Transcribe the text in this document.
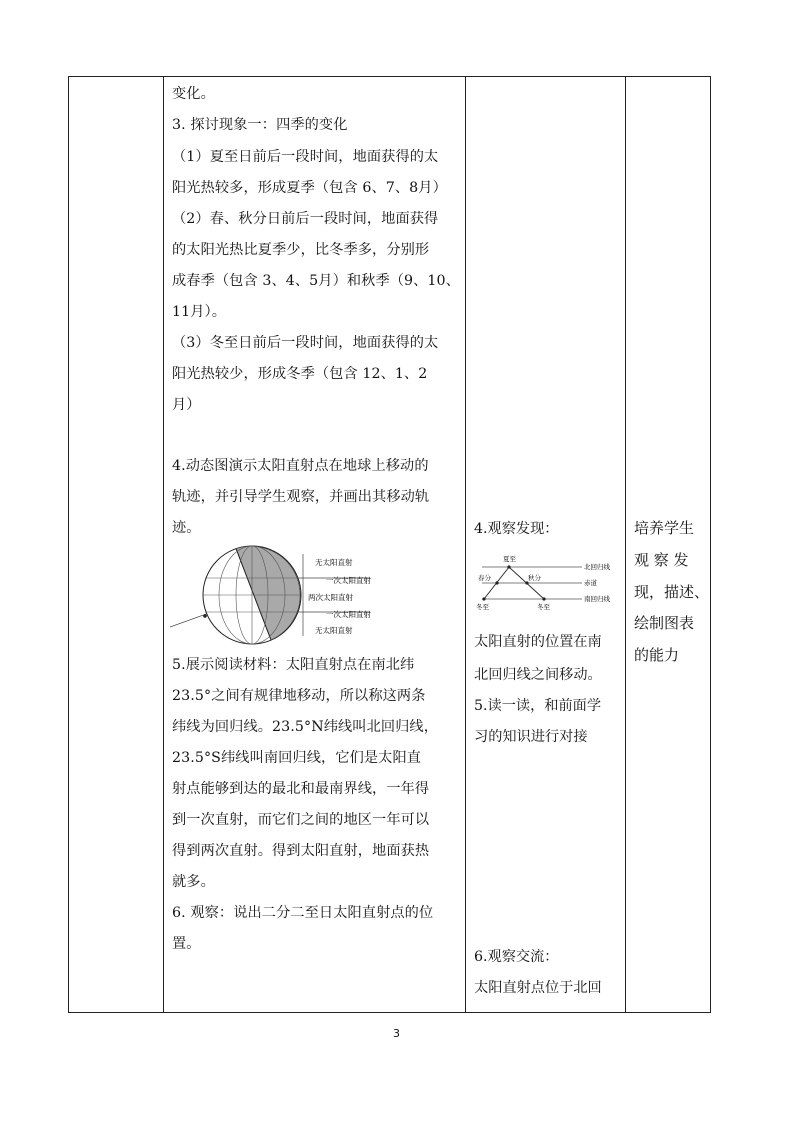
变化。

3. 探讨现象一：四季的变化

（1）夏至日前后一段时间，地面获得的太

阳光热较多，形成夏季（包含 6、7、8月）

（2）春、秋分日前后一段时间，地面获得

的太阳光热比夏季少，比冬季多，分别形

成春季（包含 3、4、5月）和秋季（9、10、

11月）。

（3）冬至日前后一段时间，地面获得的太

阳光热较少，形成冬季（包含 12、1、2

月）

4.动态图演示太阳直射点在地球上移动的

轨迹，并引导学生观察，并画出其移动轨

迹。

无太阳直射
一次太阳直射
两次太阳直射
一次太阳直射
无太阳直射

5.展示阅读材料：太阳直射点在南北纬

23.5°之间有规律地移动，所以称这两条

纬线为回归线。23.5°N纬线叫北回归线，

23.5°S纬线叫南回归线，它们是太阳直

射点能够到达的最北和最南界线，一年得

到一次直射，而它们之间的地区一年可以

得到两次直射。得到太阳直射，地面获热

就多。

6. 观察：说出二分二至日太阳直射点的位

置。

4.观察发现：

夏至
春分	秋分
冬至	冬至
北回归线
赤道
南回归线

太阳直射的位置在南

北回归线之间移动。

5.读一读，和前面学

习的知识进行对接

6.观察交流：

太阳直射点位于北回

培养学生

观 察 发

现，描述、

绘制图表

的能力

3
